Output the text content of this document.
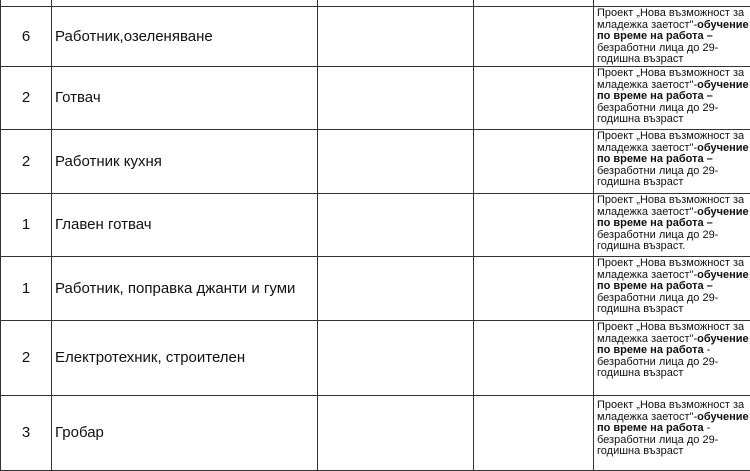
6	Работник,озеленяване			Проект „Нова възможност за
младежка заетост"-обучение
по време на работа –
безработни лица до 29-
годишна възраст
2	Готвач			Проект „Нова възможност за
младежка заетост"-обучение
по време на работа –
безработни лица до 29-
годишна възраст
2	Работник кухня			Проект „Нова възможност за
младежка заетост"-обучение
по време на работа –
безработни лица до 29-
годишна възраст
1	Главен готвач			Проект „Нова възможност за
младежка заетост"-обучение
по време на работа –
безработни лица до 29-
годишна възраст.
1	Работник, поправка джанти и гуми			Проект „Нова възможност за
младежка заетост"-обучение
по време на работа –
безработни лица до 29-
годишна възраст
2	Електротехник, строителен			Проект „Нова възможност за
младежка заетост"-обучение
по време на работа -
безработни лица до 29-
годишна възраст
3	Гробар			Проект „Нова възможност за
младежка заетост"-обучение
по време на работа -
безработни лица до 29-
годишна възраст
